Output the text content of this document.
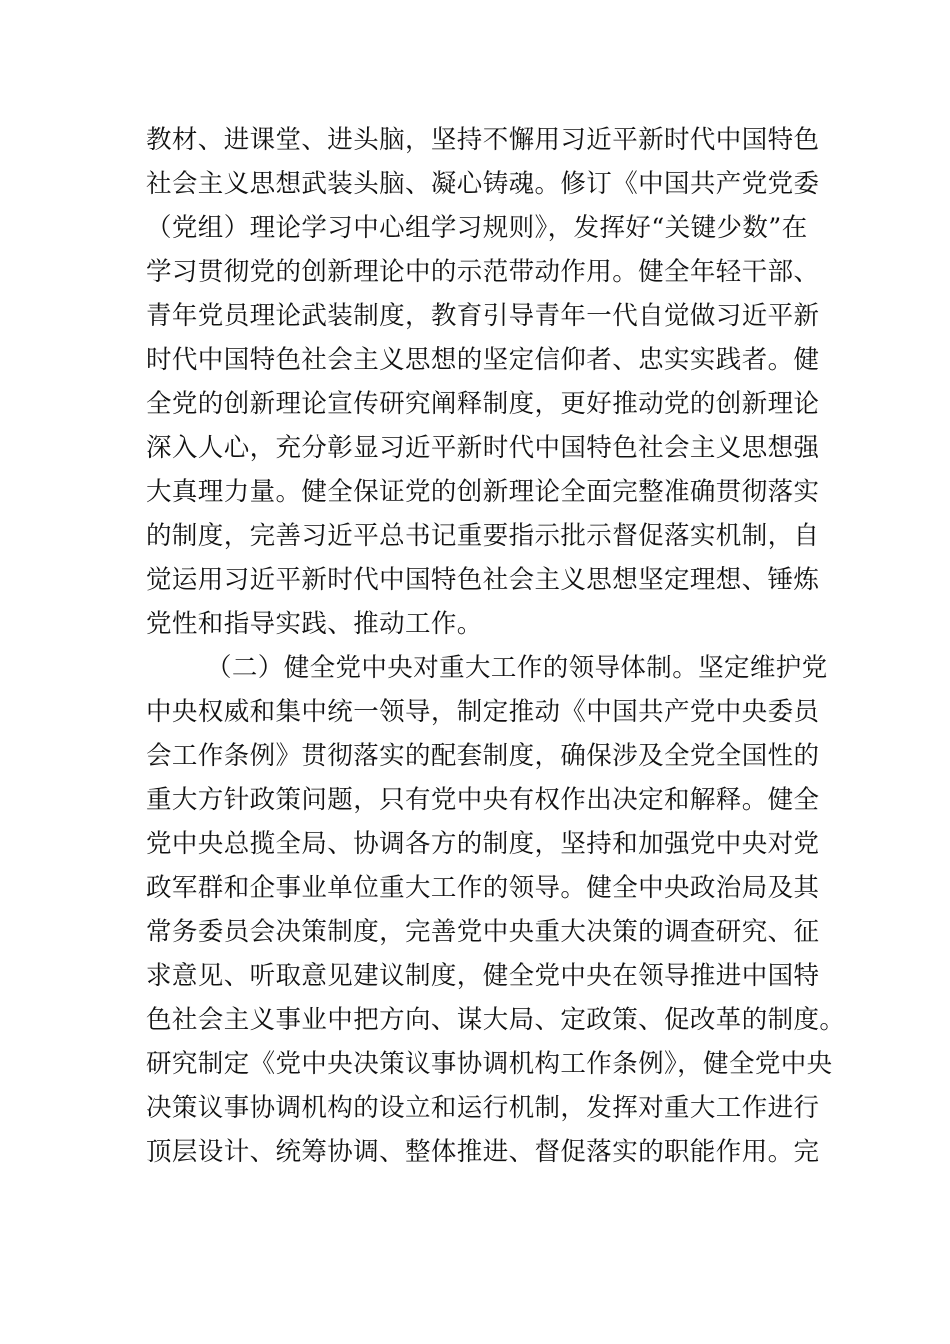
教材、进课堂、进头脑，坚持不懈用习近平新时代中国特色
社会主义思想武装头脑、凝心铸魂。修订《中国共产党党委
（党组）理论学习中心组学习规则》，发挥好“关键少数”在
学习贯彻党的创新理论中的示范带动作用。健全年轻干部、
青年党员理论武装制度，教育引导青年一代自觉做习近平新
时代中国特色社会主义思想的坚定信仰者、忠实实践者。健
全党的创新理论宣传研究阐释制度，更好推动党的创新理论
深入人心，充分彰显习近平新时代中国特色社会主义思想强
大真理力量。健全保证党的创新理论全面完整准确贯彻落实
的制度，完善习近平总书记重要指示批示督促落实机制，自
觉运用习近平新时代中国特色社会主义思想坚定理想、锤炼
党性和指导实践、推动工作。
（二）健全党中央对重大工作的领导体制。坚定维护党
中央权威和集中统一领导，制定推动《中国共产党中央委员
会工作条例》贯彻落实的配套制度，确保涉及全党全国性的
重大方针政策问题，只有党中央有权作出决定和解释。健全
党中央总揽全局、协调各方的制度，坚持和加强党中央对党
政军群和企事业单位重大工作的领导。健全中央政治局及其
常务委员会决策制度，完善党中央重大决策的调查研究、征
求意见、听取意见建议制度，健全党中央在领导推进中国特
色社会主义事业中把方向、谋大局、定政策、促改革的制度。
研究制定《党中央决策议事协调机构工作条例》，健全党中央
决策议事协调机构的设立和运行机制，发挥对重大工作进行
顶层设计、统筹协调、整体推进、督促落实的职能作用。完
